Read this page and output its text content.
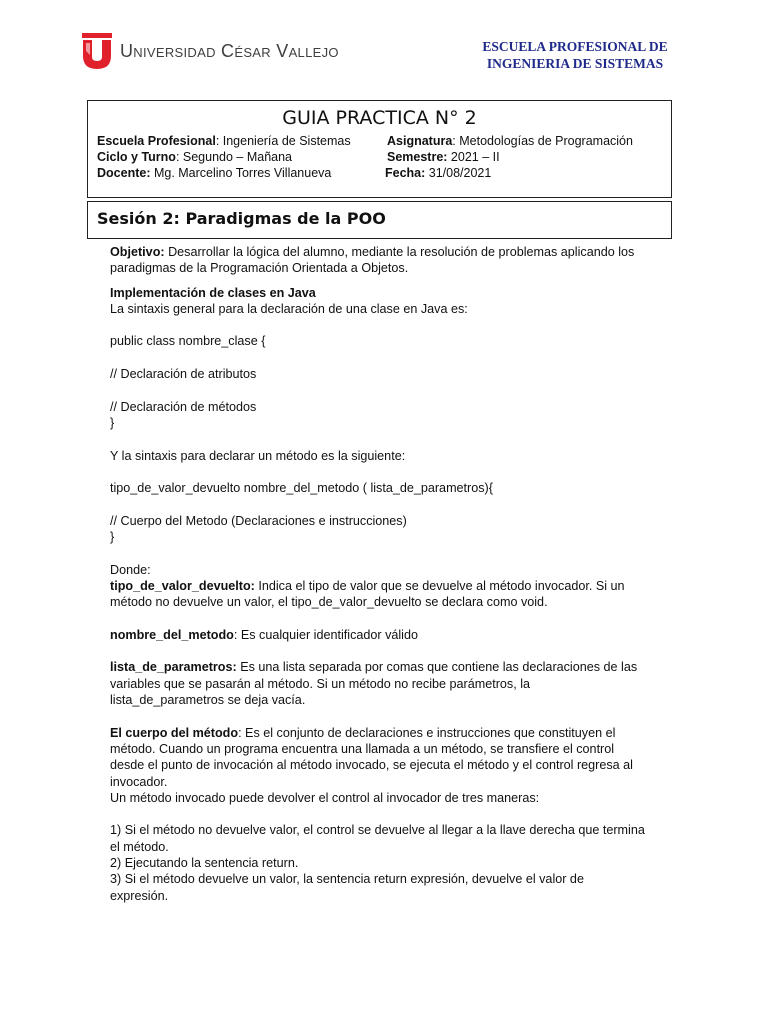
Universidad César Vallejo	ESCUELA PROFESIONAL DE
INGENIERIA DE SISTEMAS
GUIA PRACTICA N° 2
Escuela Profesional: Ingeniería de Sistemas	Asignatura: Metodologías de Programación
Ciclo y Turno: Segundo – Mañana	Semestre: 2021 – II
Docente: Mg. Marcelino Torres Villanueva	Fecha: 31/08/2021
Sesión 2: Paradigmas de la POO

Objetivo: Desarrollar la lógica del alumno, mediante la resolución de problemas aplicando los paradigmas de la Programación Orientada a Objetos.

Implementación de clases en Java

La sintaxis general para la declaración de una clase en Java es:

public class nombre_clase {

// Declaración de atributos

// Declaración de métodos

}

Y la sintaxis para declarar un método es la siguiente:

tipo_de_valor_devuelto nombre_del_metodo ( lista_de_parametros){

// Cuerpo del Metodo (Declaraciones e instrucciones)

}

Donde:

tipo_de_valor_devuelto: Indica el tipo de valor que se devuelve al método invocador. Si un método no devuelve un valor, el tipo_de_valor_devuelto se declara como void.

nombre_del_metodo: Es cualquier identificador válido

lista_de_parametros: Es una lista separada por comas que contiene las declaraciones de las variables que se pasarán al método. Si un método no recibe parámetros, la lista_de_parametros se deja vacía.

El cuerpo del método: Es el conjunto de declaraciones e instrucciones que constituyen el método. Cuando un programa encuentra una llamada a un método, se transfiere el control desde el punto de invocación al método invocado, se ejecuta el método y el control regresa al invocador.

Un método invocado puede devolver el control al invocador de tres maneras:

1) Si el método no devuelve valor, el control se devuelve al llegar a la llave derecha que termina el método.

2) Ejecutando la sentencia return.

3) Si el método devuelve un valor, la sentencia return expresión, devuelve el valor de expresión.
